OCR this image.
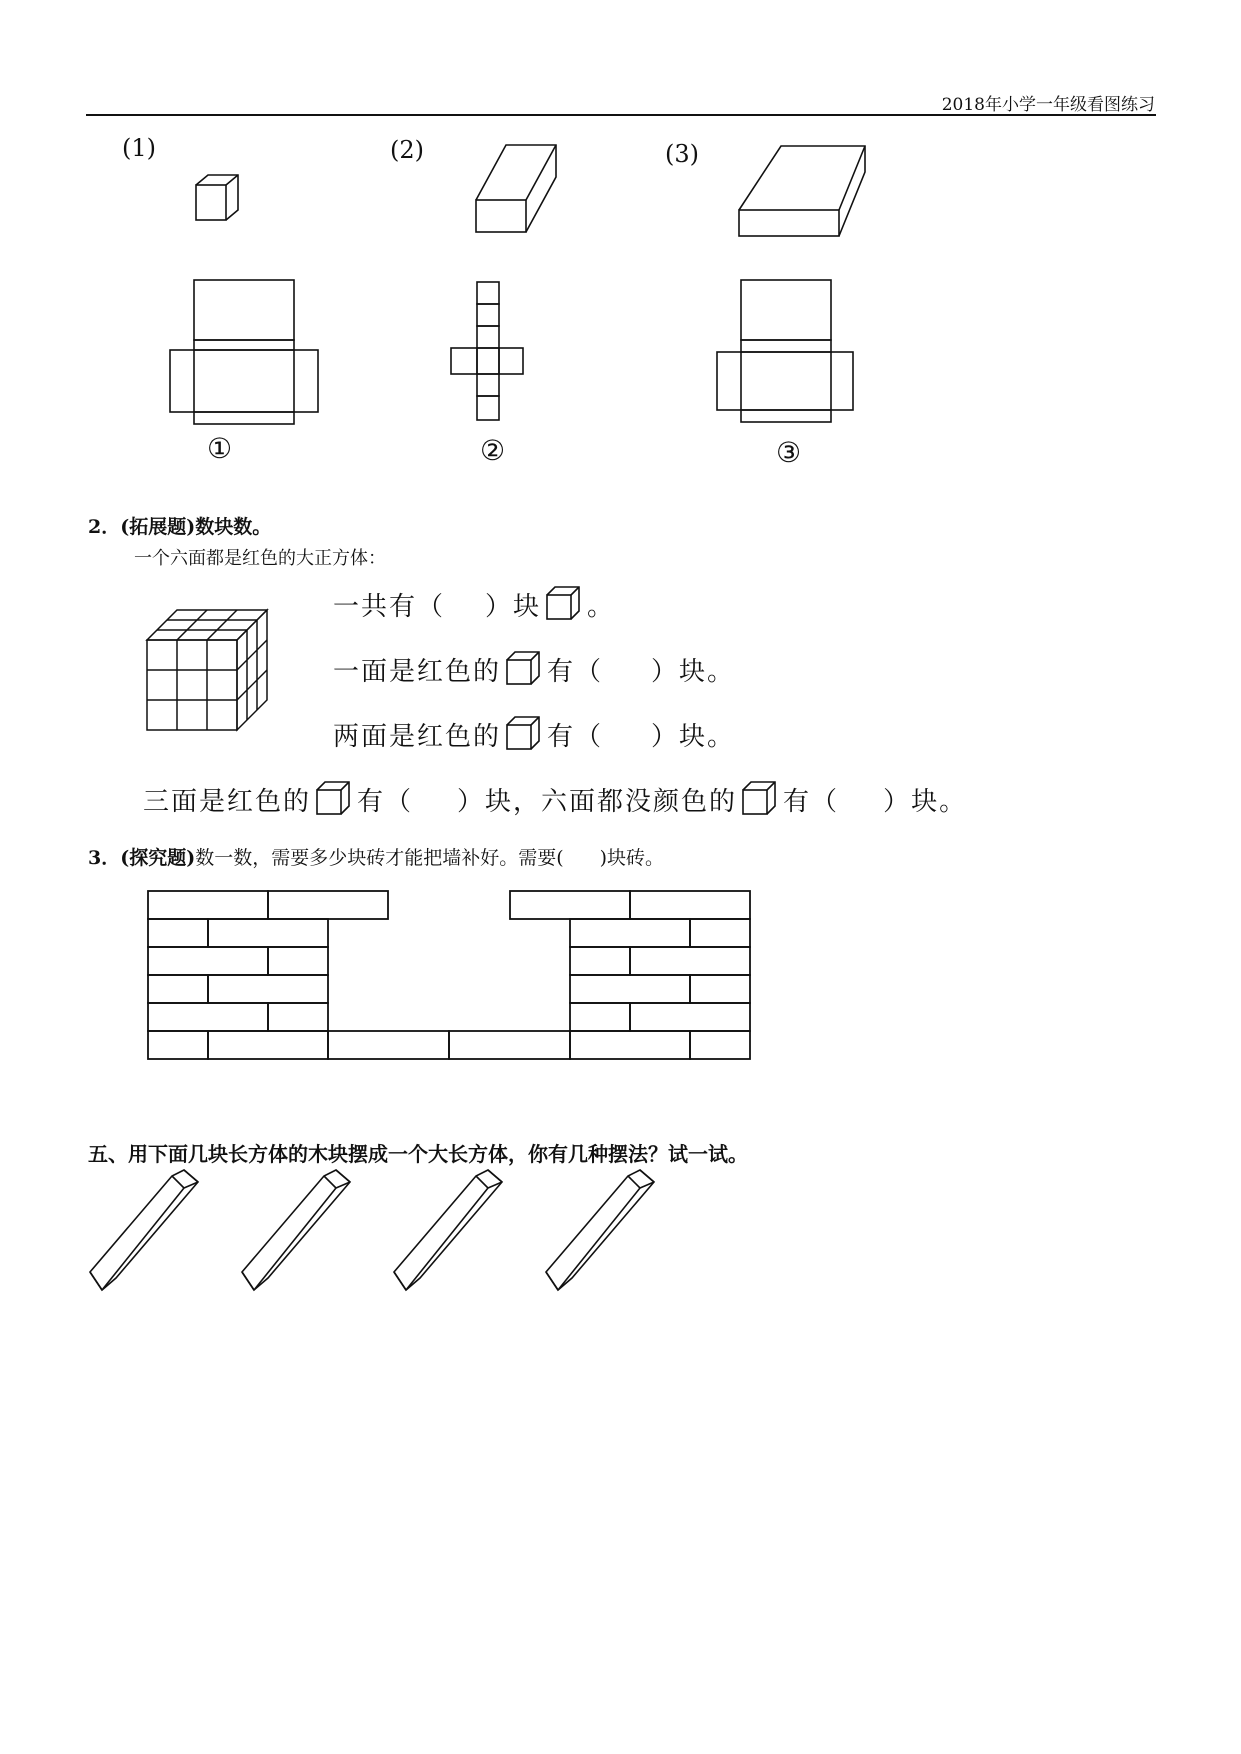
2018年小学一年级看图练习
(1)	(2)	(3)
①	②	③
2．(拓展题)数块数。
一个六面都是红色的大正方体：
一共有（ ）块 。
一面是红色的 有（ ）块。
两面是红色的 有（ ）块。
三面是红色的 有（ ）块，六面都没颜色的 有（ ）块。
3．(探究题)数一数，需要多少块砖才能把墙补好。需要( )块砖。
五、用下面几块长方体的木块摆成一个大长方体，你有几种摆法？试一试。
